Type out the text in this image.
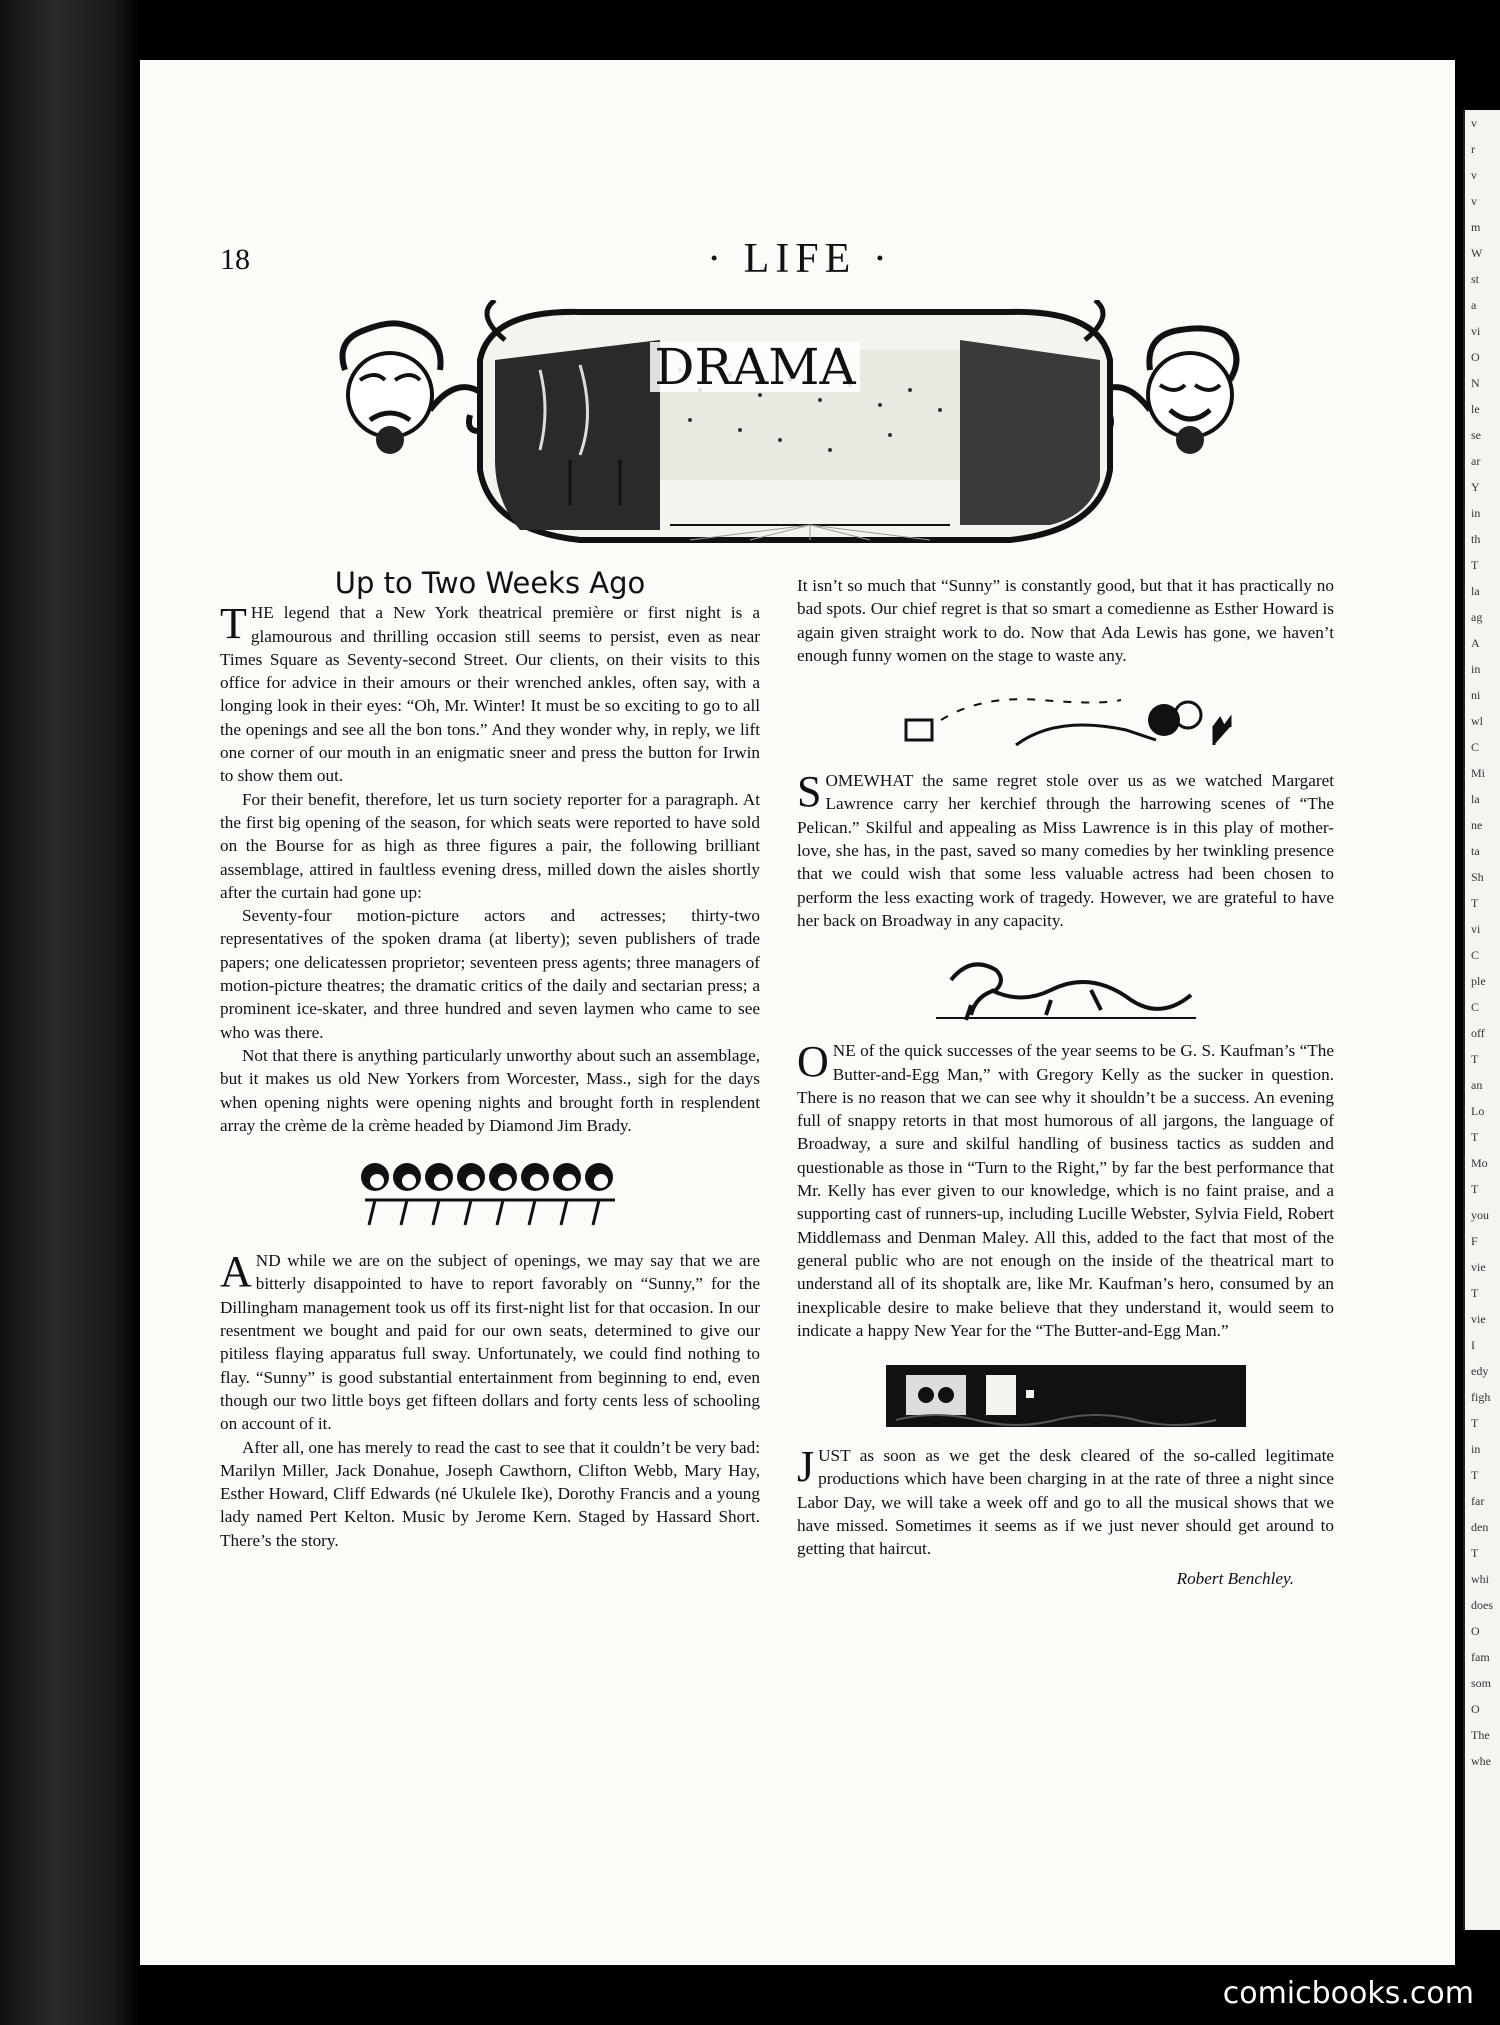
18	· LIFE ·
DRAMA
Up to Two Weeks Ago

THE legend that a New York theatrical première or first night is a glamourous and thrilling occasion still seems to persist, even as near Times Square as Seventy-second Street. Our clients, on their visits to this office for advice in their amours or their wrenched ankles, often say, with a longing look in their eyes: “Oh, Mr. Winter! It must be so exciting to go to all the openings and see all the bon tons.” And they wonder why, in reply, we lift one corner of our mouth in an enigmatic sneer and press the button for Irwin to show them out.

For their benefit, therefore, let us turn society reporter for a paragraph. At the first big opening of the season, for which seats were reported to have sold on the Bourse for as high as three figures a pair, the following brilliant assemblage, attired in faultless evening dress, milled down the aisles shortly after the curtain had gone up:

Seventy-four motion-picture actors and actresses; thirty-two representatives of the spoken drama (at liberty); seven publishers of trade papers; one delicatessen proprietor; seventeen press agents; three managers of motion-picture theatres; the dramatic critics of the daily and sectarian press; a prominent ice-skater, and three hundred and seven laymen who came to see who was there.

Not that there is anything particularly unworthy about such an assemblage, but it makes us old New Yorkers from Worcester, Mass., sigh for the days when opening nights were opening nights and brought forth in resplendent array the crème de la crème headed by Diamond Jim Brady.

AND while we are on the subject of openings, we may say that we are bitterly disappointed to have to report favorably on “Sunny,” for the Dillingham management took us off its first-night list for that occasion. In our resentment we bought and paid for our own seats, determined to give our pitiless flaying apparatus full sway. Unfortunately, we could find nothing to flay. “Sunny” is good substantial entertainment from beginning to end, even though our two little boys get fifteen dollars and forty cents less of schooling on account of it.

After all, one has merely to read the cast to see that it couldn’t be very bad: Marilyn Miller, Jack Donahue, Joseph Cawthorn, Clifton Webb, Mary Hay, Esther Howard, Cliff Edwards (né Ukulele Ike), Dorothy Francis and a young lady named Pert Kelton. Music by Jerome Kern. Staged by Hassard Short. There’s the story.

It isn’t so much that “Sunny” is constantly good, but that it has practically no bad spots. Our chief regret is that so smart a comedienne as Esther Howard is again given straight work to do. Now that Ada Lewis has gone, we haven’t enough funny women on the stage to waste any.

SOMEWHAT the same regret stole over us as we watched Margaret Lawrence carry her kerchief through the harrowing scenes of “The Pelican.” Skilful and appealing as Miss Lawrence is in this play of mother-love, she has, in the past, saved so many comedies by her twinkling presence that we could wish that some less valuable actress had been chosen to perform the less exacting work of tragedy. However, we are grateful to have her back on Broadway in any capacity.

ONE of the quick successes of the year seems to be G. S. Kaufman’s “The Butter-and-Egg Man,” with Gregory Kelly as the sucker in question. There is no reason that we can see why it shouldn’t be a success. An evening full of snappy retorts in that most humorous of all jargons, the language of Broadway, a sure and skilful handling of business tactics as sudden and questionable as those in “Turn to the Right,” by far the best performance that Mr. Kelly has ever given to our knowledge, which is no faint praise, and a supporting cast of runners-up, including Lucille Webster, Sylvia Field, Robert Middlemass and Denman Maley. All this, added to the fact that most of the general public who are not enough on the inside of the theatrical mart to understand all of its shoptalk are, like Mr. Kaufman’s hero, consumed by an inexplicable desire to make believe that they understand it, would seem to indicate a happy New Year for the “The Butter-and-Egg Man.”

JUST as soon as we get the desk cleared of the so-called legitimate productions which have been charging in at the rate of three a night since Labor Day, we will take a week off and go to all the musical shows that we have missed. Sometimes it seems as if we just never should get around to getting that haircut.

Robert Benchley.
v
r
v
v
m
W
st
a
vi
O
N
le
se
ar
Y
in
th
T
la
ag
A
in
ni
wl
C
Mi
la
ne
ta
Sh
T
vi
C
ple
C
off
T
an
Lo
T
Mo
T
you
F
vie
T
vie
I
edy
figh
T
in
T
far
den
T
whi
does
O
fam
som
O
The
whe
comicbooks.com
